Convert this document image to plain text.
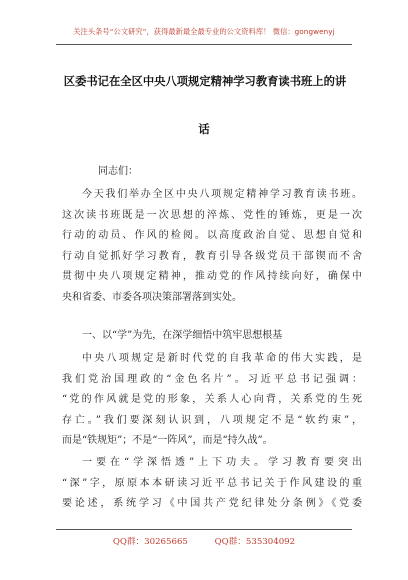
关注头条号“公文研究”，获得最新最全最专业的公文资料库！ 微信：gongwenyj
区委书记在全区中央八项规定精神学习教育读书班上的讲
话
同志们：
今天我们举办全区中央八项规定精神学习教育读书班。
这次读书班既是一次思想的淬炼、党性的锤炼，更是一次
行动的动员、作风的检阅。以高度政治自觉、思想自觉和
行动自觉抓好学习教育，教育引导各级党员干部锲而不舍
贯彻中央八项规定精神，推动党的作风持续向好，确保中
央和省委、市委各项决策部署落到实处。
一、以“学”为先，在深学细悟中筑牢思想根基
中央八项规定是新时代党的自我革命的伟大实践，是
我们党治国理政的“金色名片”。习近平总书记强调：
“党的作风就是党的形象，关系人心向背，关系党的生死
存亡。”我们要深刻认识到，八项规定不是“软约束”，
而是“铁规矩”；不是“一阵风”，而是“持久战”。
一要在“学深悟透”上下功夫。学习教育要突出
“深”字，原原本本研读习近平总书记关于作风建设的重
要论述，系统学习《中国共产党纪律处分条例》《党委
QQ群：30265665	QQ群：535304092
